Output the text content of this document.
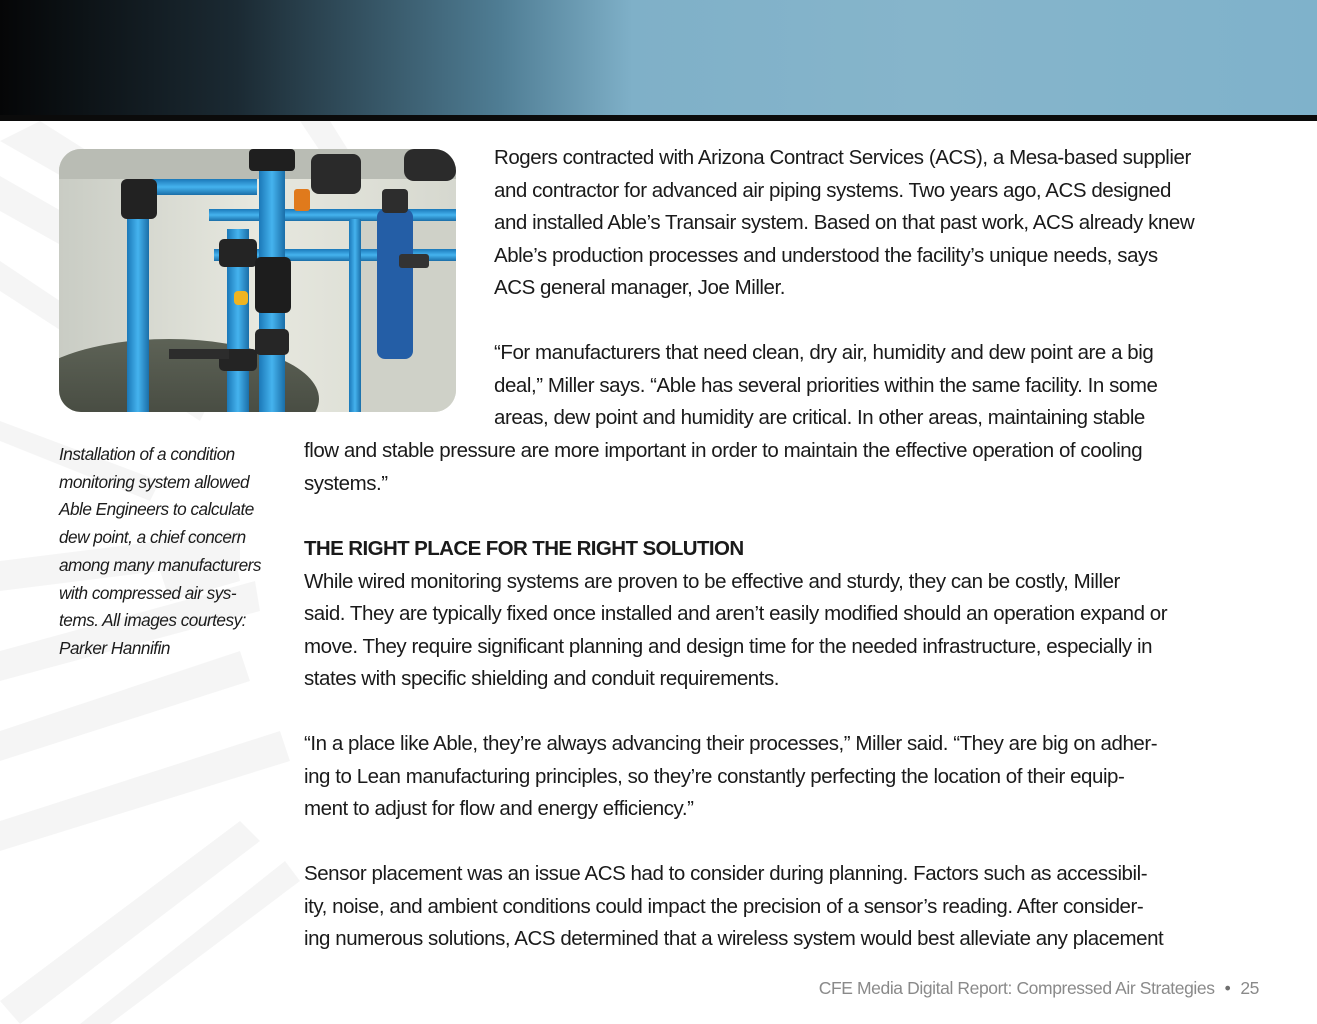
Installation of a condition
monitoring system allowed
Able Engineers to calculate
dew point, a chief concern
among many manufacturers
with compressed air sys-
tems. All images courtesy:
Parker Hannifin
Rogers contracted with Arizona Contract Services (ACS), a Mesa-based supplier
and contractor for advanced air piping systems. Two years ago, ACS designed
and installed Able’s Transair system. Based on that past work, ACS already knew
Able’s production processes and understood the facility’s unique needs, says
ACS general manager, Joe Miller.

“For manufacturers that need clean, dry air, humidity and dew point are a big
deal,” Miller says. “Able has several priorities within the same facility. In some
areas, dew point and humidity are critical. In other areas, maintaining stable
flow and stable pressure are more important in order to maintain the effective operation of cooling
systems.”
THE RIGHT PLACE FOR THE RIGHT SOLUTION
While wired monitoring systems are proven to be effective and sturdy, they can be costly, Miller
said. They are typically fixed once installed and aren’t easily modified should an operation expand or
move. They require significant planning and design time for the needed infrastructure, especially in
states with specific shielding and conduit requirements.
“In a place like Able, they’re always advancing their processes,” Miller said. “They are big on adher-
ing to Lean manufacturing principles, so they’re constantly perfecting the location of their equip-
ment to adjust for flow and energy efficiency.”
Sensor placement was an issue ACS had to consider during planning. Factors such as accessibil-
ity, noise, and ambient conditions could impact the precision of a sensor’s reading. After consider-
ing numerous solutions, ACS determined that a wireless system would best alleviate any placement
CFE Media Digital Report: Compressed Air Strategies • 25
